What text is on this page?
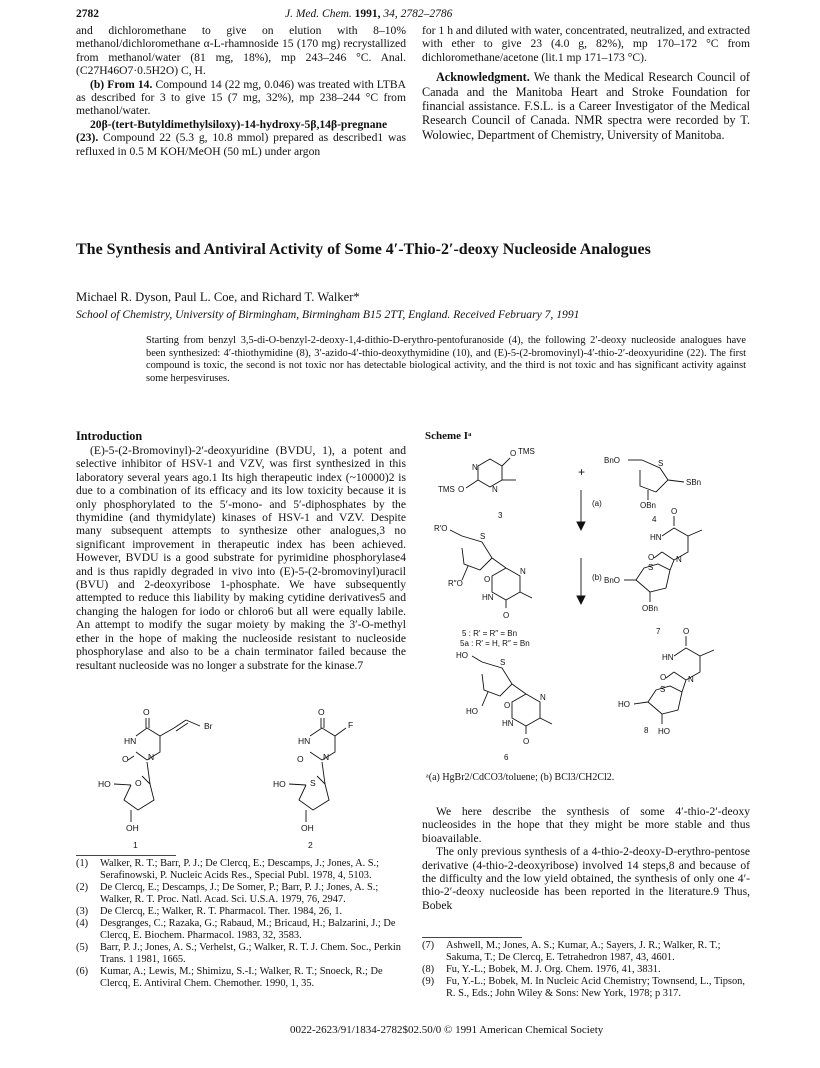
2782	J. Med. Chem. 1991, 34, 2782–2786

and dichloromethane to give on elution with 8–10% methanol/dichloromethane α-L-rhamnoside 15 (170 mg) recrystallized from methanol/water (81 mg, 18%), mp 243–246 °C. Anal. (C27H46O7·0.5H2O) C, H.

(b) From 14. Compound 14 (22 mg, 0.046) was treated with LTBA as described for 3 to give 15 (7 mg, 32%), mp 238–244 °C from methanol/water.

20β-(tert-Butyldimethylsiloxy)-14-hydroxy-5β,14β-pregnane (23). Compound 22 (5.3 g, 10.8 mmol) prepared as described1 was refluxed in 0.5 M KOH/MeOH (50 mL) under argon

for 1 h and diluted with water, concentrated, neutralized, and extracted with ether to give 23 (4.0 g, 82%), mp 170–172 °C from dichloromethane/acetone (lit.1 mp 171–173 °C).

Acknowledgment. We thank the Medical Research Council of Canada and the Manitoba Heart and Stroke Foundation for financial assistance. F.S.L. is a Career Investigator of the Medical Research Council of Canada. NMR spectra were recorded by T. Wolowiec, Department of Chemistry, University of Manitoba.

The Synthesis and Antiviral Activity of Some 4′-Thio-2′-deoxy Nucleoside Analogues
Michael R. Dyson, Paul L. Coe, and Richard T. Walker*
School of Chemistry, University of Birmingham, Birmingham B15 2TT, England. Received February 7, 1991
Starting from benzyl 3,5-di-O-benzyl-2-deoxy-1,4-dithio-D-erythro-pentofuranoside (4), the following 2′-deoxy nucleoside analogues have been synthesized: 4′-thiothymidine (8), 3′-azido-4′-thio-deoxythymidine (10), and (E)-5-(2-bromovinyl)-4′-thio-2′-deoxyuridine (22). The first compound is toxic, the second is not toxic nor has detectable biological activity, and the third is not toxic and has significant activity against some herpesviruses.
Introduction
(E)-5-(2-Bromovinyl)-2′-deoxyuridine (BVDU, 1), a potent and selective inhibitor of HSV-1 and VZV, was first synthesized in this laboratory several years ago.1 Its high therapeutic index (~10000)2 is due to a combination of its efficacy and its low toxicity because it is only phosphorylated to the 5′-mono- and 5′-diphosphates by the thymidine (and thymidylate) kinases of HSV-1 and VZV. Despite many subsequent attempts to synthesize other analogues,3 no significant improvement in therapeutic index has been achieved. However, BVDU is a good substrate for pyrimidine phosphorylase4 and is thus rapidly degraded in vivo into (E)-5-(2-bromovinyl)uracil (BVU) and 2-deoxyribose 1-phosphate. We have subsequently attempted to reduce this liability by making cytidine derivatives5 and changing the halogen for iodo or chloro6 but all were equally labile. An attempt to modify the sugar moiety by making the 3′-O-methyl ether in the hope of making the nucleoside resistant to nucleoside phosphorylase and also to be a chain terminator failed because the resultant nucleoside was no longer a substrate for the kinase.7
O
HN
Br
O N
O
HO
OH
1
O
HN
F
O N
S
HO
OH
2
(1)	Walker, R. T.; Barr, P. J.; De Clercq, E.; Descamps, J.; Jones, A. S.; Serafinowski, P. Nucleic Acids Res., Special Publ. 1978, 4, 5103.
(2)	De Clercq, E.; Descamps, J.; De Somer, P.; Barr, P. J.; Jones, A. S.; Walker, R. T. Proc. Natl. Acad. Sci. U.S.A. 1979, 76, 2947.
(3)	De Clercq, E.; Walker, R. T. Pharmacol. Ther. 1984, 26, 1.
(4)	Desgranges, C.; Razaka, G.; Rabaud, M.; Bricaud, H.; Balzarini, J.; De Clercq, E. Biochem. Pharmacol. 1983, 32, 3583.
(5)	Barr, P. J.; Jones, A. S.; Verhelst, G.; Walker, R. T. J. Chem. Soc., Perkin Trans. 1 1981, 1665.
(6)	Kumar, A.; Lewis, M.; Shimizu, S.-I.; Walker, R. T.; Snoeck, R.; De Clercq, E. Antiviral Chem. Chemother. 1990, 1, 35.
Scheme Iᵃ
O TMS
N
N
O
TMS
3
+
(a)
BnO	S
SBn
OBn
4
R′O
S
R″O	O
N
HN
O
5 : R′ = R″ = Bn
5a : R′ = H, R″ = Bn
(b)
O
HN
O	N
S
BnO
OBn
7
HO
S
HO
O
N
HN
O
6
O
HN
O	N
S
HO
8 HO
ᵃ(a) HgBr2/CdCO3/toluene; (b) BCl3/CH2Cl2.

We here describe the synthesis of some 4′-thio-2′-deoxy nucleosides in the hope that they might be more stable and thus bioavailable.

The only previous synthesis of a 4-thio-2-deoxy-D-erythro-pentose derivative (4-thio-2-deoxyribose) involved 14 steps,8 and because of the difficulty and the low yield obtained, the synthesis of only one 4′-thio-2′-deoxy nucleoside has been reported in the literature.9 Thus, Bobek

(7)	Ashwell, M.; Jones, A. S.; Kumar, A.; Sayers, J. R.; Walker, R. T.; Sakuma, T.; De Clercq, E. Tetrahedron 1987, 43, 4601.
(8)	Fu, Y.-L.; Bobek, M. J. Org. Chem. 1976, 41, 3831.
(9)	Fu, Y.-L.; Bobek, M. In Nucleic Acid Chemistry; Townsend, L., Tipson, R. S., Eds.; John Wiley & Sons: New York, 1978; p 317.
0022-2623/91/1834-2782$02.50/0 © 1991 American Chemical Society
